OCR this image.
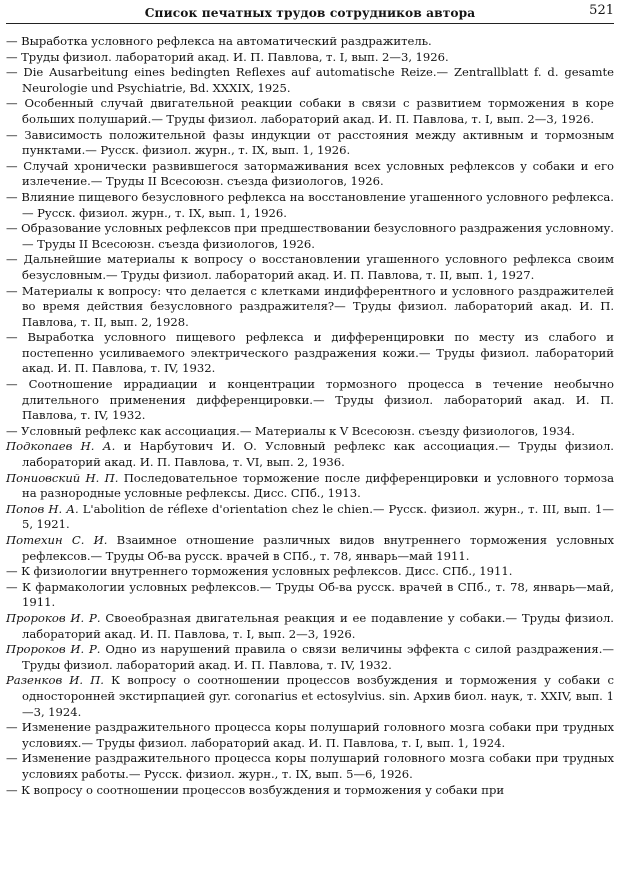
Список печатных трудов сотрудников автора	521

— Выработка условного рефлекса на автоматический раздражитель.

— Труды физиол. лабораторий акад. И. П. Павлова, т. I, вып. 2—3, 1926.

— Die Ausarbeitung eines bedingten Reflexes auf automatische Reize.— Zentrallblatt f. d. gesamte Neurologie und Psychiatrie, Bd. XXXIX, 1925.

— Особенный случай двигательной реакции собаки в связи с развитием торможения в коре больших полушарий.— Труды физиол. лабораторий акад. И. П. Павлова, т. I, вып. 2—3, 1926.

— Зависимость положительной фазы индукции от расстояния между активным и тормозным пунктами.— Русск. физиол. журн., т. IX, вып. 1, 1926.

— Случай хронически развившегося затормаживания всех условных рефлексов у собаки и его излечение.— Труды II Всесоюзн. съезда физиологов, 1926.

— Влияние пищевого безусловного рефлекса на восстановление угашенного условного рефлекса.— Русск. физиол. журн., т. IX, вып. 1, 1926.

— Образование условных рефлексов при предшествовании безусловного раздражения условному.— Труды II Всесоюзн. съезда физиологов, 1926.

— Дальнейшие материалы к вопросу о восстановлении угашенного условного рефлекса своим безусловным.— Труды физиол. лабораторий акад. И. П. Павлова, т. II, вып. 1, 1927.

— Материалы к вопросу: что делается с клетками индифферентного и условного раздражителей во время действия безусловного раздражителя?— Труды физиол. лабораторий акад. И. П. Павлова, т. II, вып. 2, 1928.

— Выработка условного пищевого рефлекса и дифференцировки по месту из слабого и постепенно усиливаемого электрического раздражения кожи.— Труды физиол. лабораторий акад. И. П. Павлова, т. IV, 1932.

— Соотношение иррадиации и концентрации тормозного процесса в течение необычно длительного применения дифференцировки.— Труды физиол. лабораторий акад. И. П. Павлова, т. IV, 1932.

— Условный рефлекс как ассоциация.— Материалы к V Всесоюзн. съезду физиологов, 1934.

Подкопаев Н. А. и Нарбутович И. О. Условный рефлекс как ассоциация.— Труды физиол. лабораторий акад. И. П. Павлова, т. VI, вып. 2, 1936.

Пониовский Н. П. Последовательное торможение после дифференцировки и условного тормоза на разнородные условные рефлексы. Дисс. СПб., 1913.

Попов Н. А. L'abolition de réflexe d'orientation chez le chien.— Русск. физиол. журн., т. III, вып. 1—5, 1921.

Потехин С. И. Взаимное отношение различных видов внутреннего торможения условных рефлексов.— Труды Об-ва русск. врачей в СПб., т. 78, январь—май 1911.

— К физиологии внутреннего торможения условных рефлексов. Дисс. СПб., 1911.

— К фармакологии условных рефлексов.— Труды Об-ва русск. врачей в СПб., т. 78, январь—май, 1911.

Пророков И. Р. Своеобразная двигательная реакция и ее подавление у собаки.— Труды физиол. лабораторий акад. И. П. Павлова, т. I, вып. 2—3, 1926.

Пророков И. Р. Одно из нарушений правила о связи величины эффекта с силой раздражения.— Труды физиол. лабораторий акад. И. П. Павлова, т. IV, 1932.

Разенков И. П. К вопросу о соотношении процессов возбуждения и торможения у собаки с односторонней экстирпацией gyr. coronarius et ectosylvius. sin. Архив биол. наук, т. XXIV, вып. 1—3, 1924.

— Изменение раздражительного процесса коры полушарий головного мозга собаки при трудных условиях.— Труды физиол. лабораторий акад. И. П. Павлова, т. I, вып. 1, 1924.

— Изменение раздражительного процесса коры полушарий головного мозга собаки при трудных условиях работы.— Русск. физиол. журн., т. IX, вып. 5—6, 1926.

— К вопросу о соотношении процессов возбуждения и торможения у собаки при
